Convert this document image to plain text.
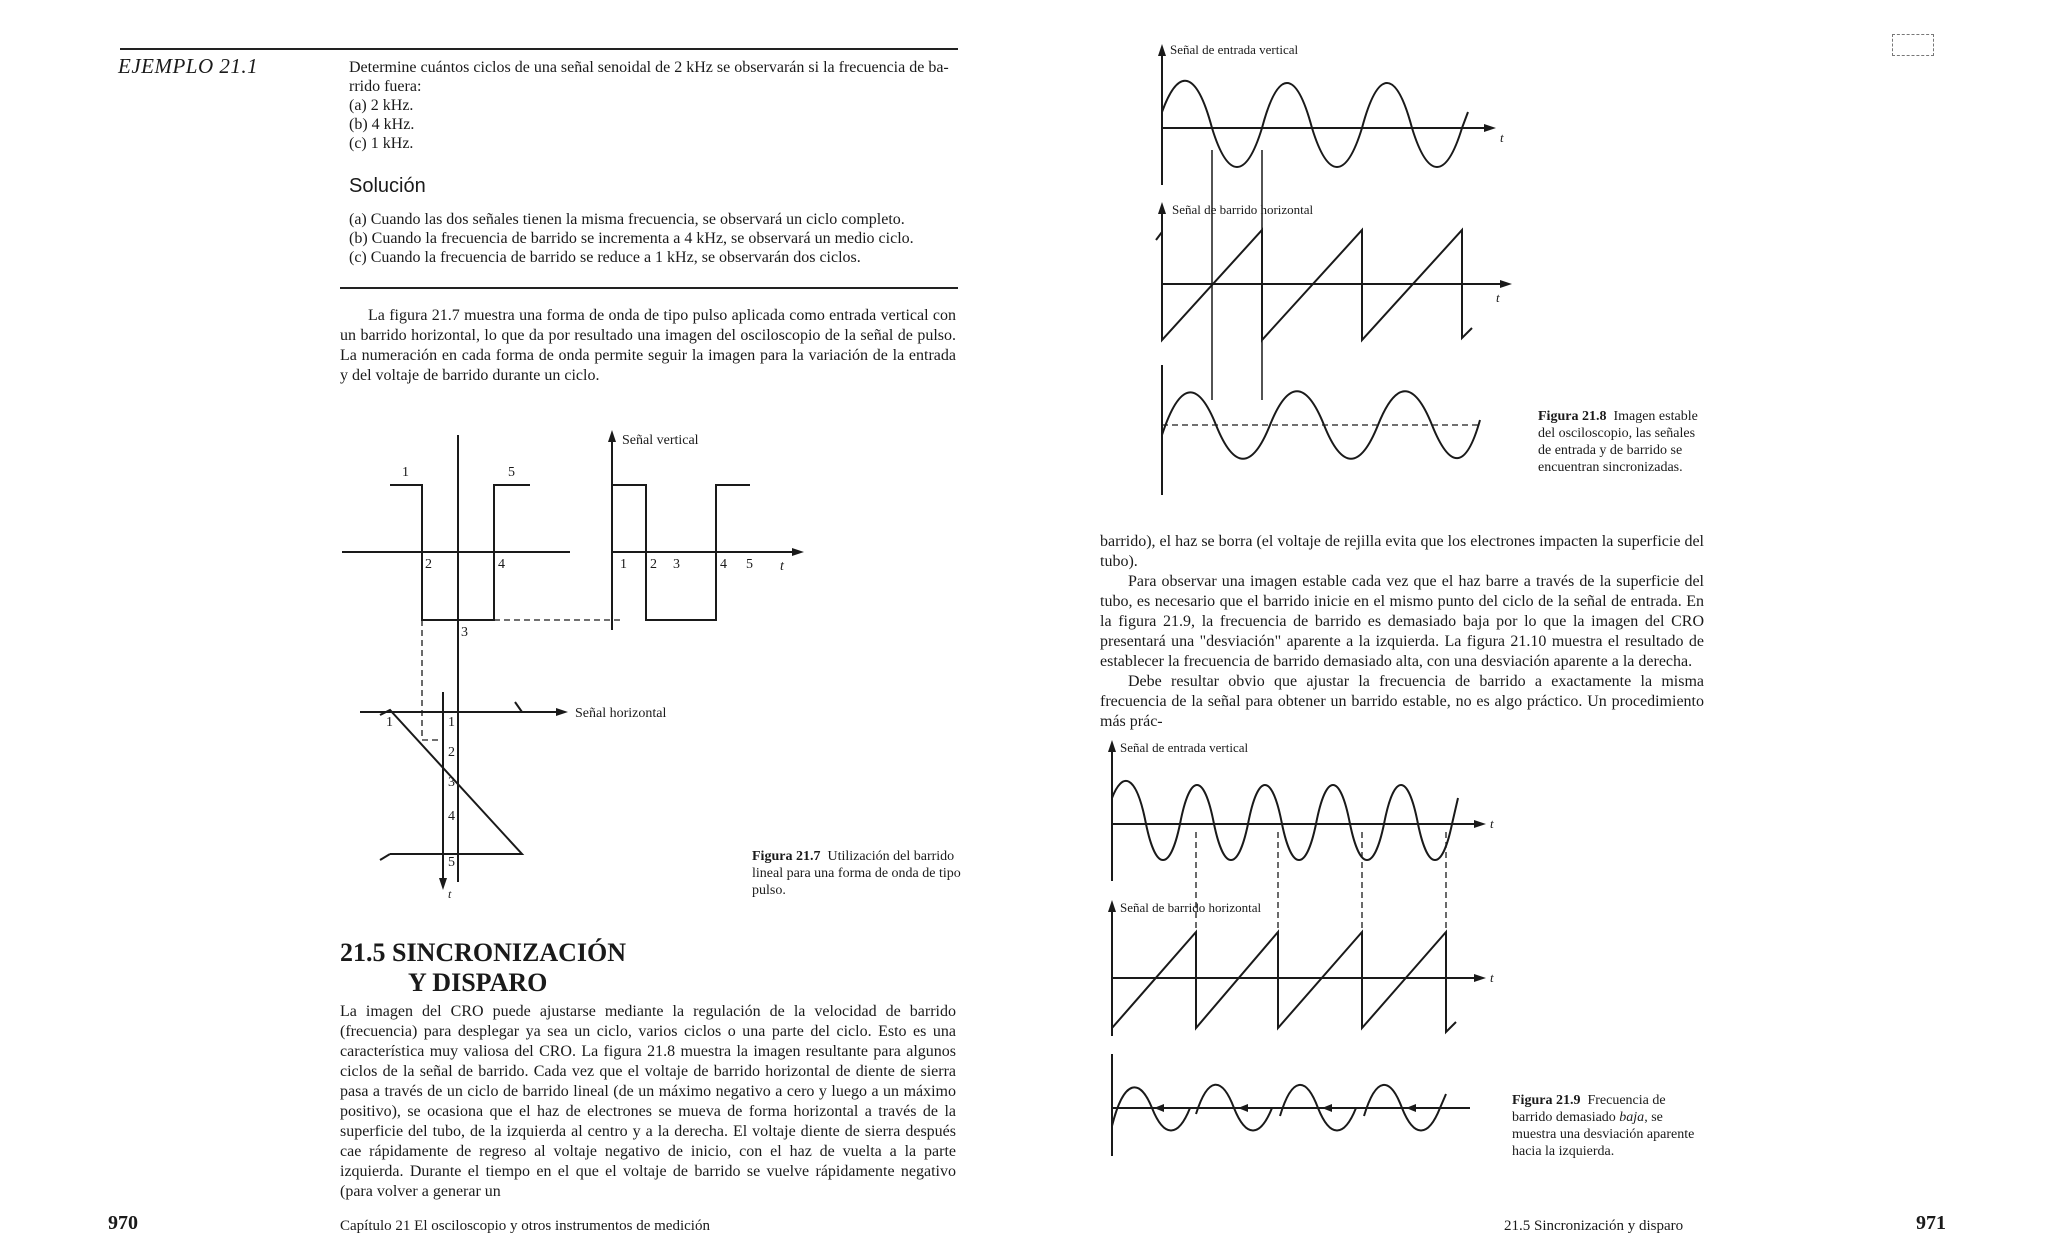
EJEMPLO 21.1	Determine cuántos ciclos de una señal senoidal de 2 kHz se observarán si la frecuencia de ba-
rrido fuera:
(a) 2 kHz.
(b) 4 kHz.
(c) 1 kHz.
Solución
(a) Cuando las dos señales tienen la misma frecuencia, se observará un ciclo completo.
(b) Cuando la frecuencia de barrido se incrementa a 4 kHz, se observará un medio ciclo.
(c) Cuando la frecuencia de barrido se reduce a 1 kHz, se observarán dos ciclos.

La figura 21.7 muestra una forma de onda de tipo pulso aplicada como entrada vertical con un barrido horizontal, lo que da por resultado una imagen del osciloscopio de la señal de pulso. La numeración en cada forma de onda permite seguir la imagen para la variación de la entrada y del voltaje de barrido durante un ciclo.

1	5
2	4
3
Señal vertical
1 2 3	4 5 t
Señal horizontal
1	1
2
3
4
5
t
Figura 21.7 Utilización del barrido lineal para una forma de onda de tipo pulso.
21.5 SINCRONIZACIÓN
Y DISPARO

La imagen del CRO puede ajustarse mediante la regulación de la velocidad de barrido (frecuencia) para desplegar ya sea un ciclo, varios ciclos o una parte del ciclo. Esto es una característica muy valiosa del CRO. La figura 21.8 muestra la imagen resultante para algunos ciclos de la señal de barrido. Cada vez que el voltaje de barrido horizontal de diente de sierra pasa a través de un ciclo de barrido lineal (de un máximo negativo a cero y luego a un máximo positivo), se ocasiona que el haz de electrones se mueva de forma horizontal a través de la superficie del tubo, de la izquierda al centro y a la derecha. El voltaje diente de sierra después cae rápidamente de regreso al voltaje negativo de inicio, con el haz de vuelta a la parte izquierda. Durante el tiempo en el que el voltaje de barrido se vuelve rápidamente negativo (para volver a generar un

970	Capítulo 21 El osciloscopio y otros instrumentos de medición
Señal de entrada vertical
t
Señal de barrido horizontal
t
Figura 21.8 Imagen estable del osciloscopio, las señales de entrada y de barrido se encuentran sincronizadas.

barrido), el haz se borra (el voltaje de rejilla evita que los electrones impacten la superficie del tubo).

Para observar una imagen estable cada vez que el haz barre a través de la superficie del tubo, es necesario que el barrido inicie en el mismo punto del ciclo de la señal de entrada. En la figura 21.9, la frecuencia de barrido es demasiado baja por lo que la imagen del CRO presentará una "desviación" aparente a la izquierda. La figura 21.10 muestra el resultado de establecer la frecuencia de barrido demasiado alta, con una desviación aparente a la derecha.

Debe resultar obvio que ajustar la frecuencia de barrido a exactamente la misma frecuencia de la señal para obtener un barrido estable, no es algo práctico. Un procedimiento más prác-

Señal de entrada vertical
t
Señal de barrido horizontal
t
Figura 21.9 Frecuencia de barrido demasiado baja, se muestra una desviación aparente hacia la izquierda.
21.5 Sincronización y disparo	971
